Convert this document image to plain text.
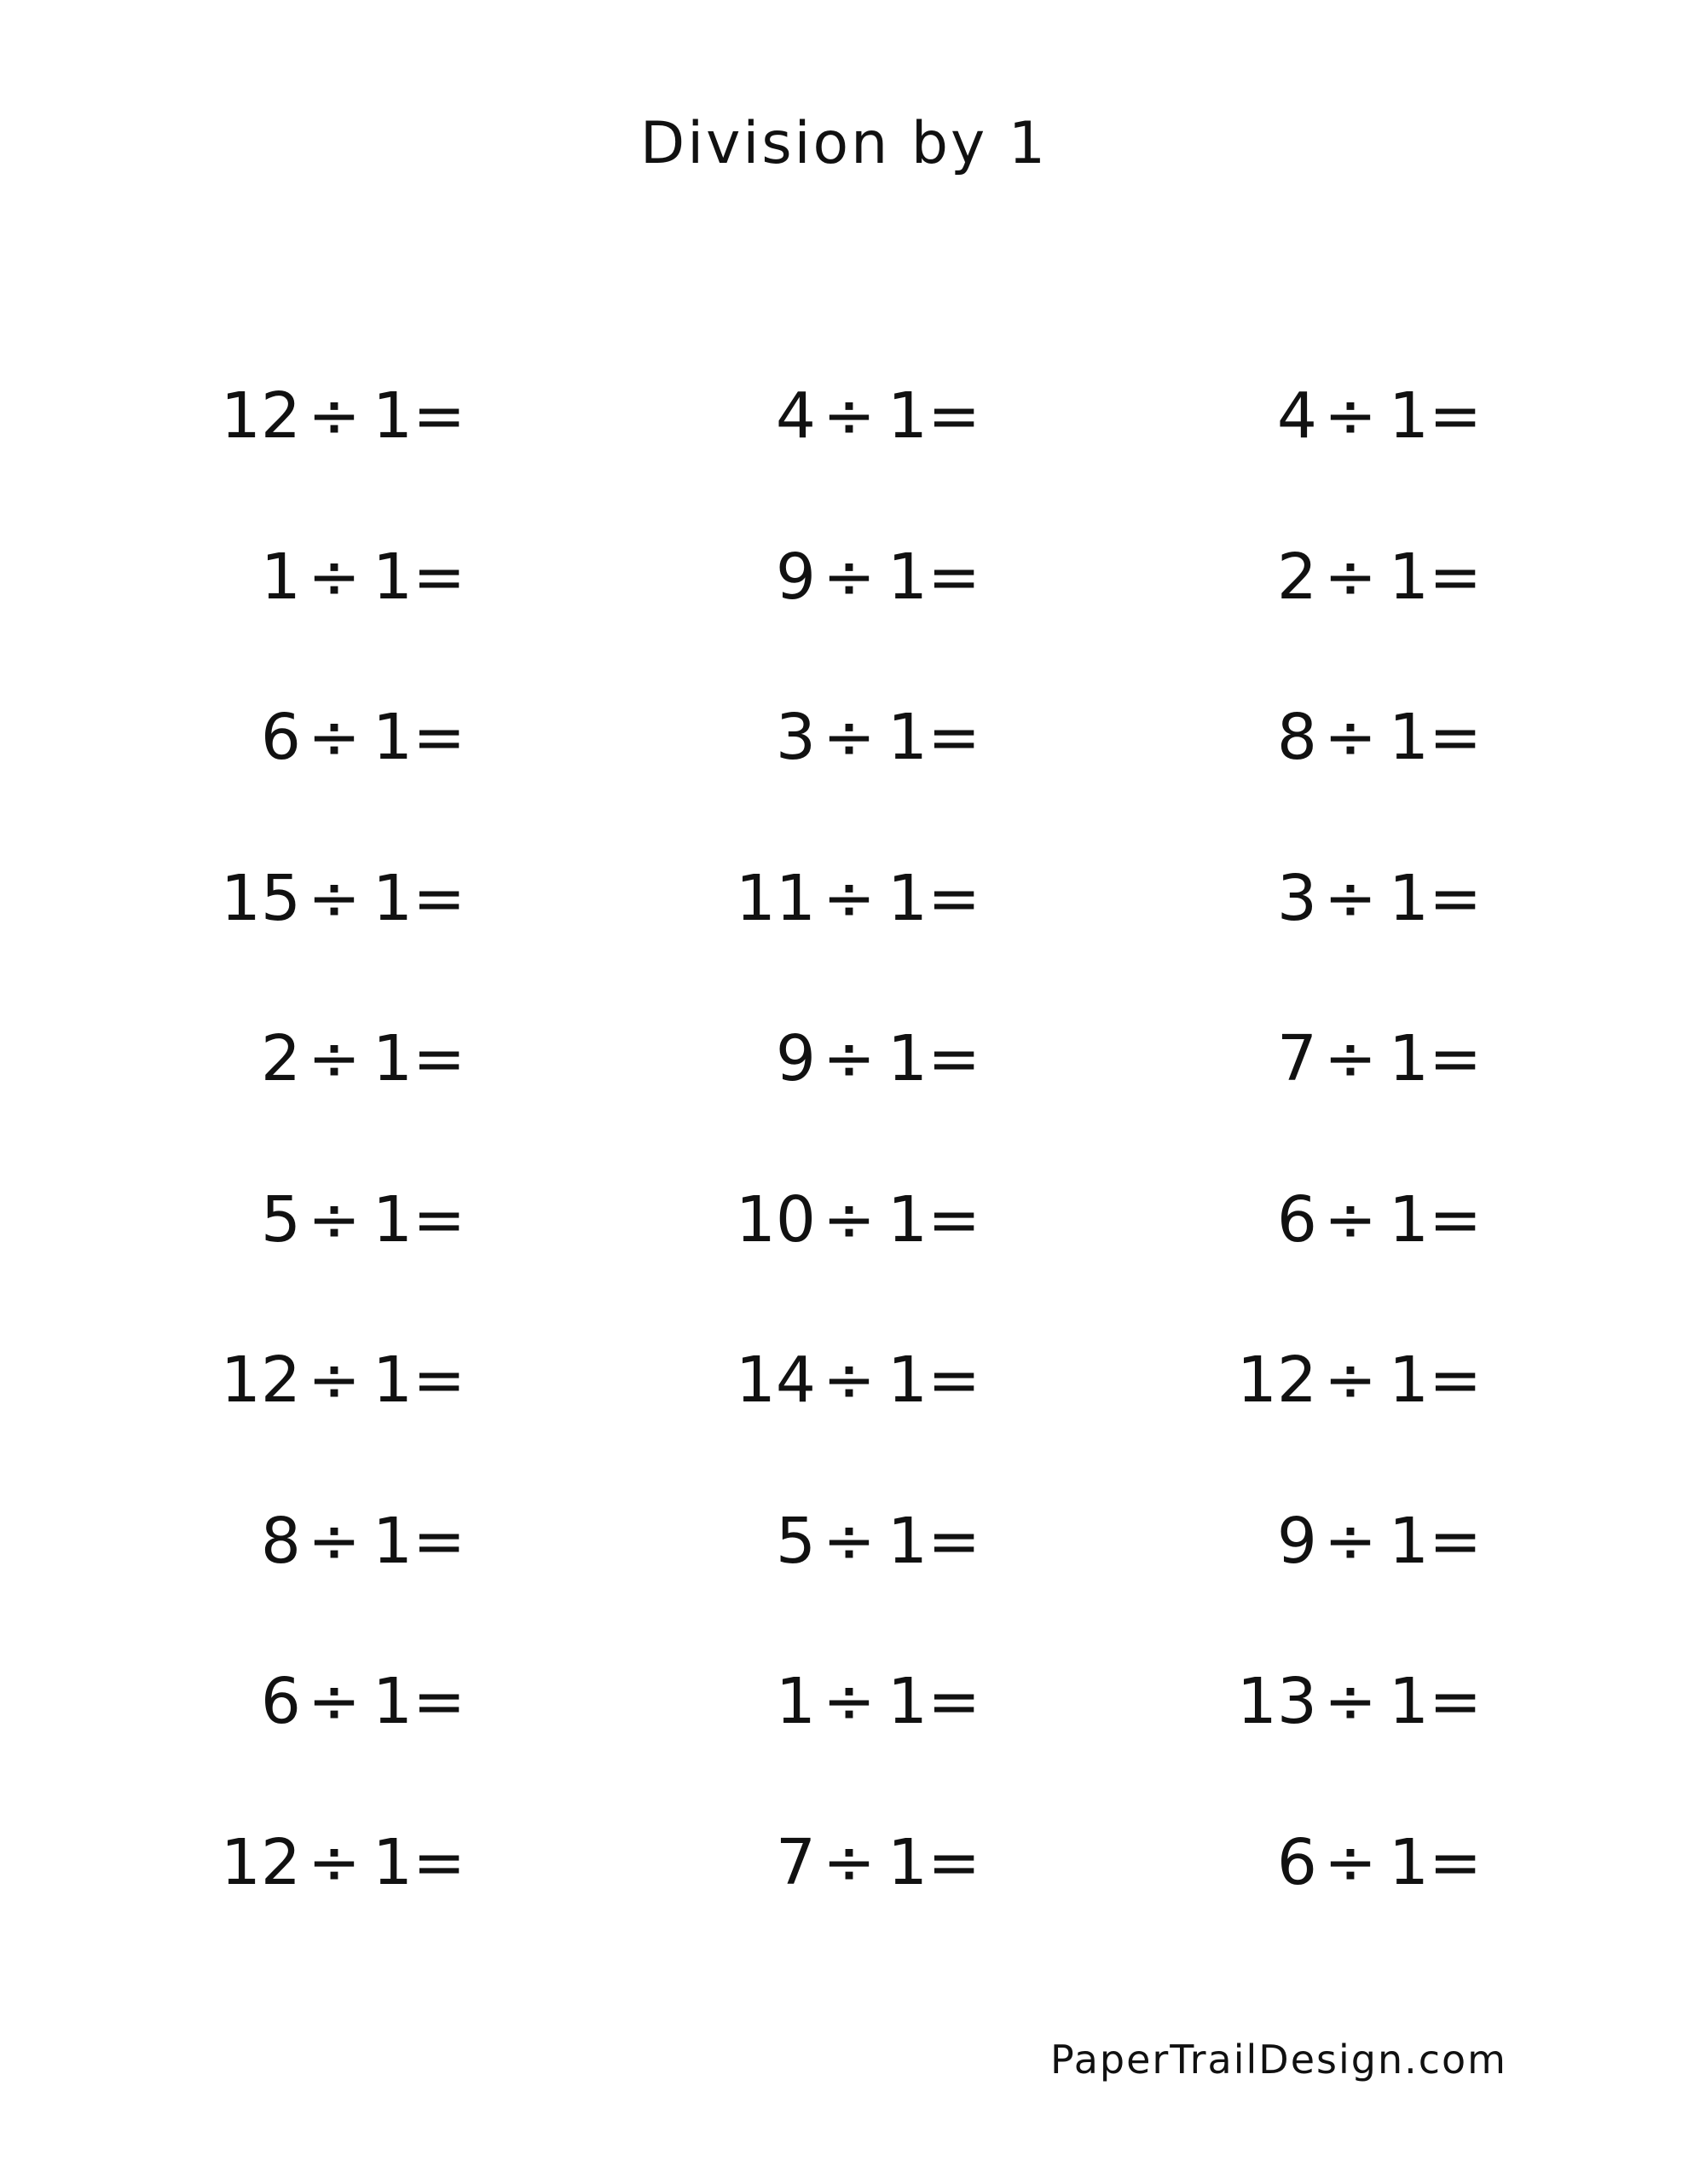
Division by 1
12 ÷ 1=
1 ÷ 1=
6 ÷ 1=
15 ÷ 1=
2 ÷ 1=
5 ÷ 1=
12 ÷ 1=
8 ÷ 1=
6 ÷ 1=
12 ÷ 1=
4 ÷ 1=
9 ÷ 1=
3 ÷ 1=
11 ÷ 1=
9 ÷ 1=
10 ÷ 1=
14 ÷ 1=
5 ÷ 1=
1 ÷ 1=
7 ÷ 1=
4 ÷ 1=
2 ÷ 1=
8 ÷ 1=
3 ÷ 1=
7 ÷ 1=
6 ÷ 1=
12 ÷ 1=
9 ÷ 1=
13 ÷ 1=
6 ÷ 1=
PaperTrailDesign.com
